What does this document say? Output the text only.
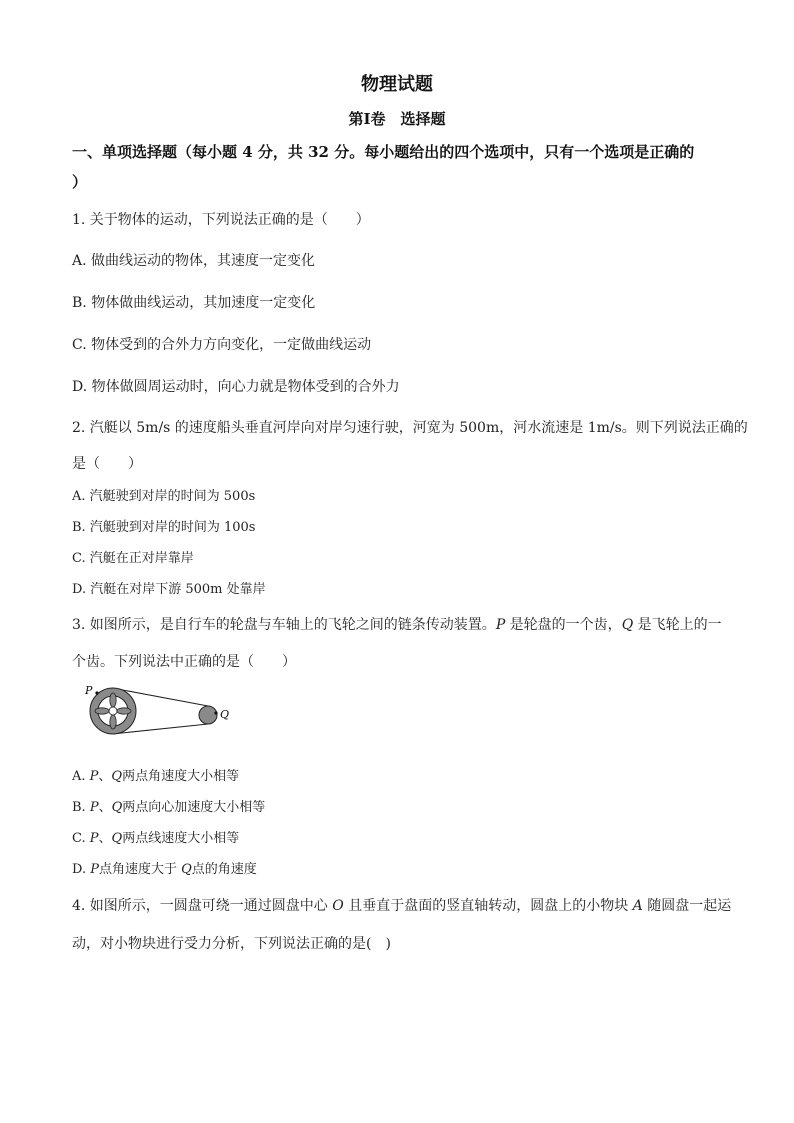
物理试题
第Ⅰ卷　选择题
一、单项选择题（每小题 4 分，共 32 分。每小题给出的四个选项中，只有一个选项是正确的
）
1. 关于物体的运动，下列说法正确的是（　　）
A. 做曲线运动的物体，其速度一定变化
B. 物体做曲线运动，其加速度一定变化
C. 物体受到的合外力方向变化，一定做曲线运动
D. 物体做圆周运动时，向心力就是物体受到的合外力
2. 汽艇以 5m/s 的速度船头垂直河岸向对岸匀速行驶，河宽为 500m，河水流速是 1m/s。则下列说法正确的
是（　　）
A. 汽艇驶到对岸的时间为 500s
B. 汽艇驶到对岸的时间为 100s
C. 汽艇在正对岸靠岸
D. 汽艇在对岸下游 500m 处靠岸
3. 如图所示，是自行车的轮盘与车轴上的飞轮之间的链条传动装置。P 是轮盘的一个齿，Q 是飞轮上的一
个齿。下列说法中正确的是（　　）
P
Q
A. P、Q两点角速度大小相等
B. P、Q两点向心加速度大小相等
C. P、Q两点线速度大小相等
D. P点角速度大于 Q点的角速度
4. 如图所示，一圆盘可绕一通过圆盘中心 O 且垂直于盘面的竖直轴转动，圆盘上的小物块 A 随圆盘一起运
动，对小物块进行受力分析，下列说法正确的是(　)
